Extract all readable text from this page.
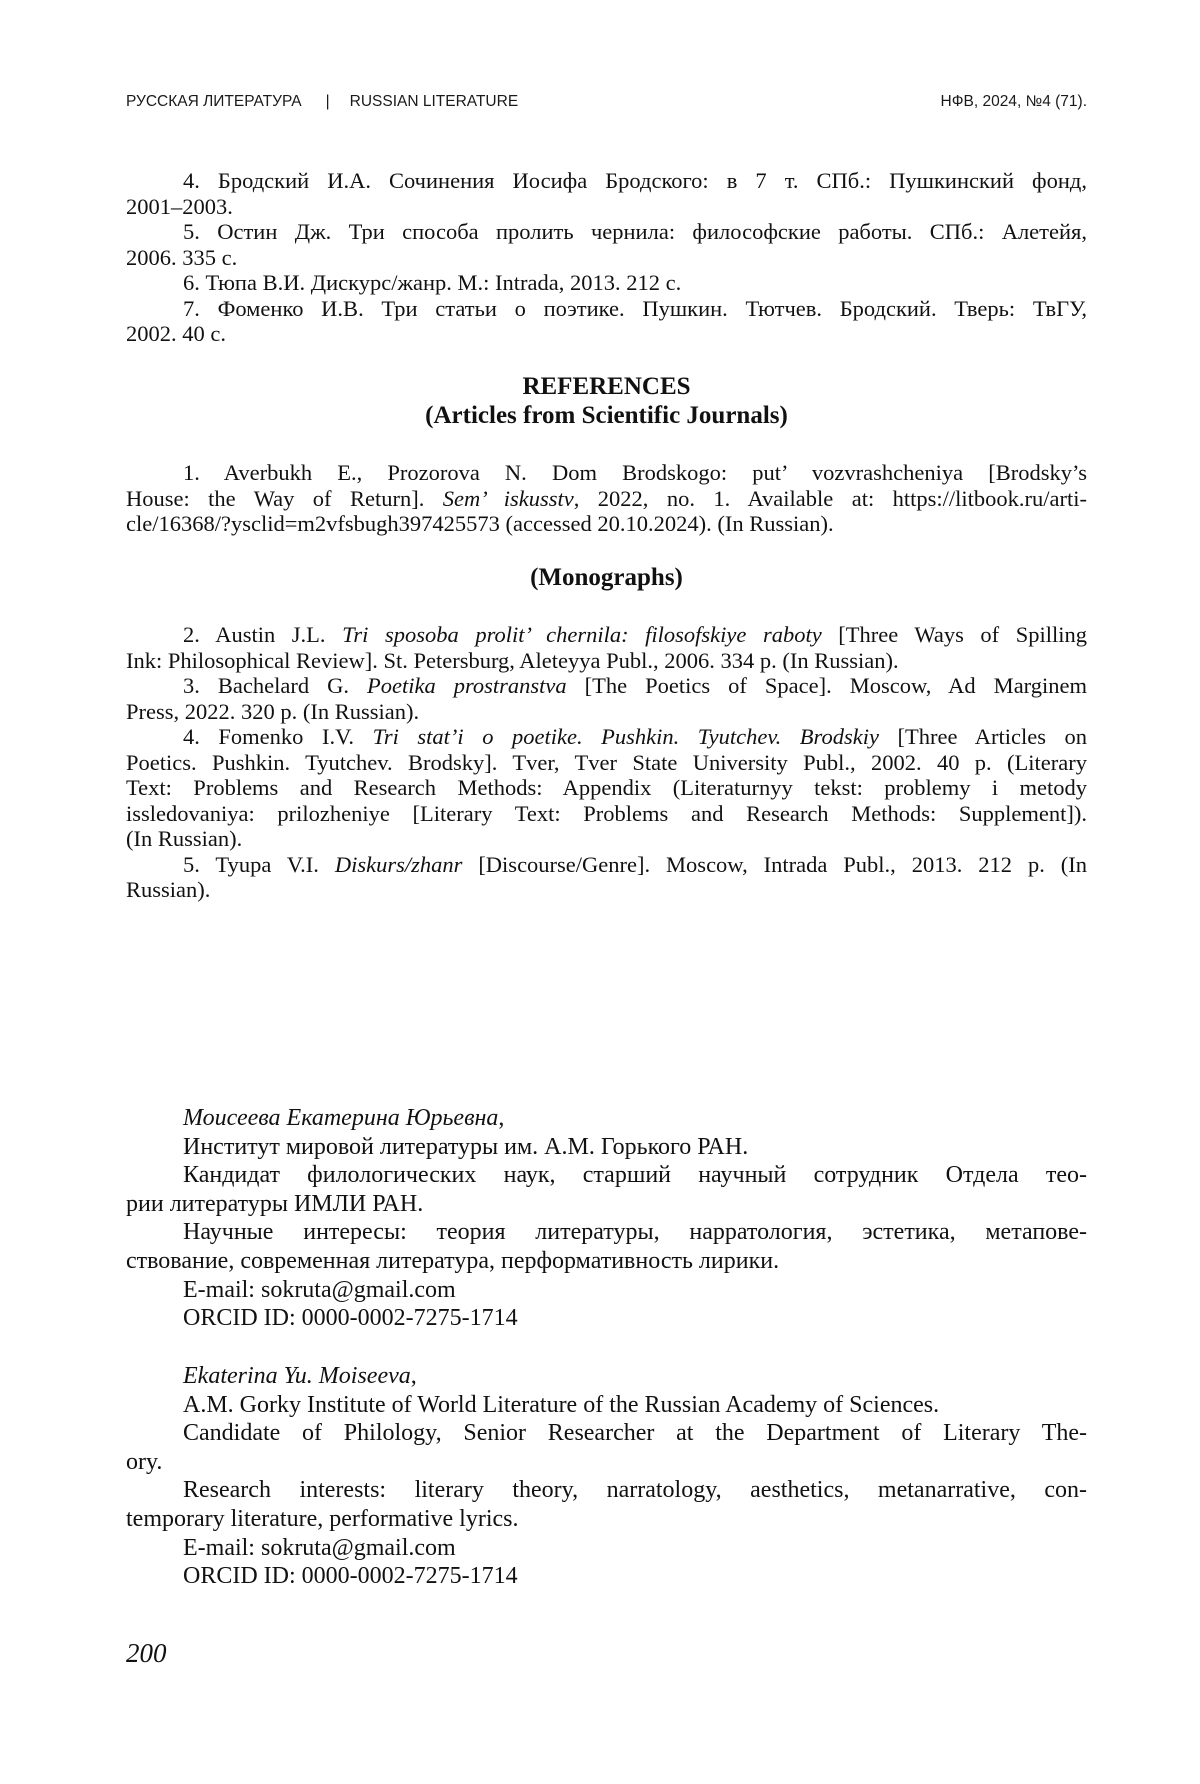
РУССКАЯ ЛИТЕРАТУРА | RUSSIAN LITERATURE	НФВ, 2024, №4 (71).

4. Бродский И.А. Сочинения Иосифа Бродского: в 7 т. СПб.: Пушкинский фонд,
2001–2003.

5. Остин Дж. Три способа пролить чернила: философские работы. СПб.: Алетейя,
2006. 335 с.

6. Тюпа В.И. Дискурс/жанр. М.: Intrada, 2013. 212 с.

7. Фоменко И.В. Три статьи о поэтике. Пушкин. Тютчев. Бродский. Тверь: ТвГУ,
2002. 40 с.

REFERENCES
(Articles from Scientific Journals)

1. Averbukh E., Prozorova N. Dom Brodskogo: put’ vozvrashcheniya [Brodsky’s
House: the Way of Return]. Sem’ iskusstv, 2022, no. 1. Available at: https://litbook.ru/arti-
cle/16368/?ysclid=m2vfsbugh397425573 (accessed 20.10.2024). (In Russian).

(Monographs)

2. Austin J.L. Tri sposoba prolit’ chernila: filosofskiye raboty [Three Ways of Spilling
Ink: Philosophical Review]. St. Petersburg, Aleteyya Publ., 2006. 334 p. (In Russian).

3. Bachelard G. Poetika prostranstva [The Poetics of Space]. Moscow, Ad Marginem
Press, 2022. 320 p. (In Russian).

4. Fomenko I.V. Tri stat’i o poetike. Pushkin. Tyutchev. Brodskiy [Three Articles on
Poetics. Pushkin. Tyutchev. Brodsky]. Tver, Tver State University Publ., 2002. 40 p. (Literary
Text: Problems and Research Methods: Appendix (Literaturnyy tekst: problemy i metody
issledovaniya: prilozheniye [Literary Text: Problems and Research Methods: Supplement]).
(In Russian).

5. Tyupa V.I. Diskurs/zhanr [Discourse/Genre]. Moscow, Intrada Publ., 2013. 212 p. (In
Russian).

Моисеева Екатерина Юрьевна,
Институт мировой литературы им. А.М. Горького РАН.
Кандидат филологических наук, старший научный сотрудник Отдела тео-
рии литературы ИМЛИ РАН.
Научные интересы: теория литературы, нарратология, эстетика, метапове-
ствование, современная литература, перформативность лирики.
E-mail: sokruta@gmail.com
ORCID ID: 0000-0002-7275-1714
Ekaterina Yu. Moiseeva,
A.M. Gorky Institute of World Literature of the Russian Academy of Sciences.
Candidate of Philology, Senior Researcher at the Department of Literary The-
ory.
Research interests: literary theory, narratology, aesthetics, metanarrative, con-
temporary literature, performative lyrics.
E-mail: sokruta@gmail.com
ORCID ID: 0000-0002-7275-1714
200
